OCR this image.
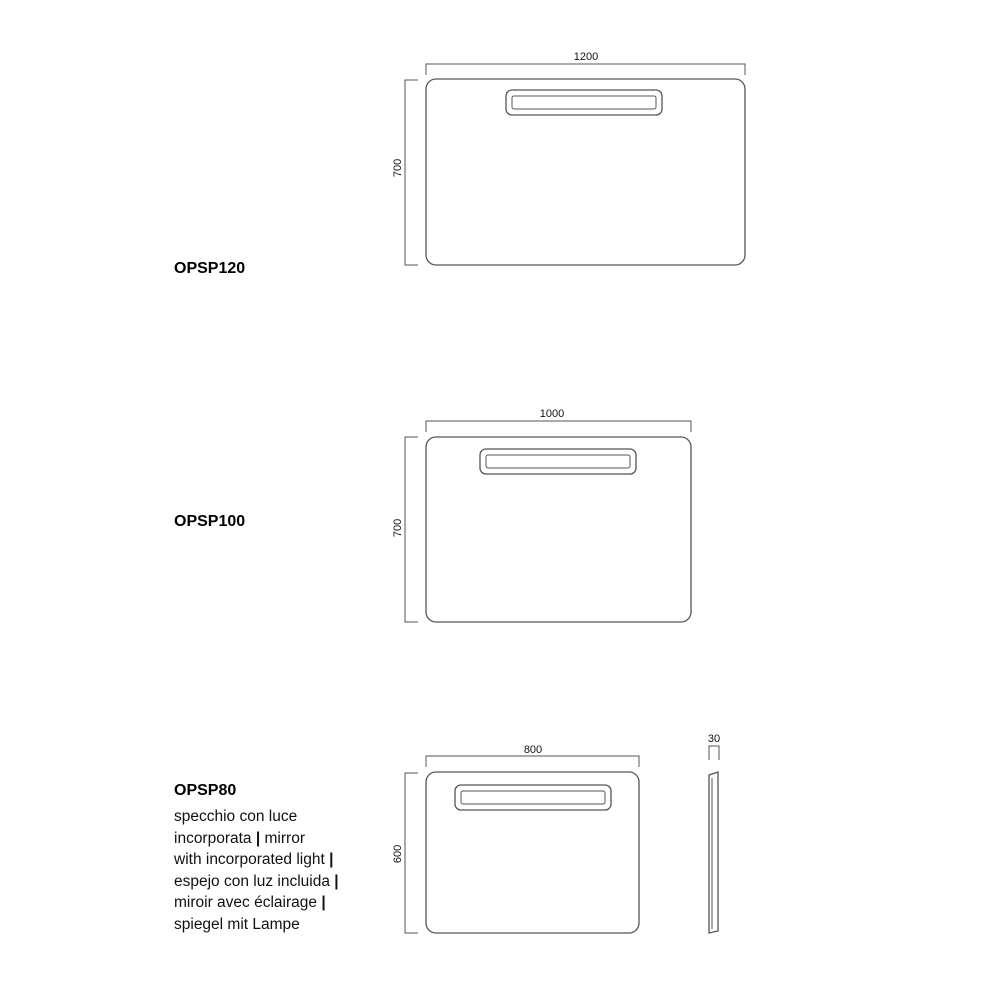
1200
700
1000
700
800
600
30

OPSP120

OPSP100

OPSP80

specchio con luce
incorporata | mirror
with incorporated light |
espejo con luz incluida |
miroir avec éclairage |
spiegel mit Lampe
